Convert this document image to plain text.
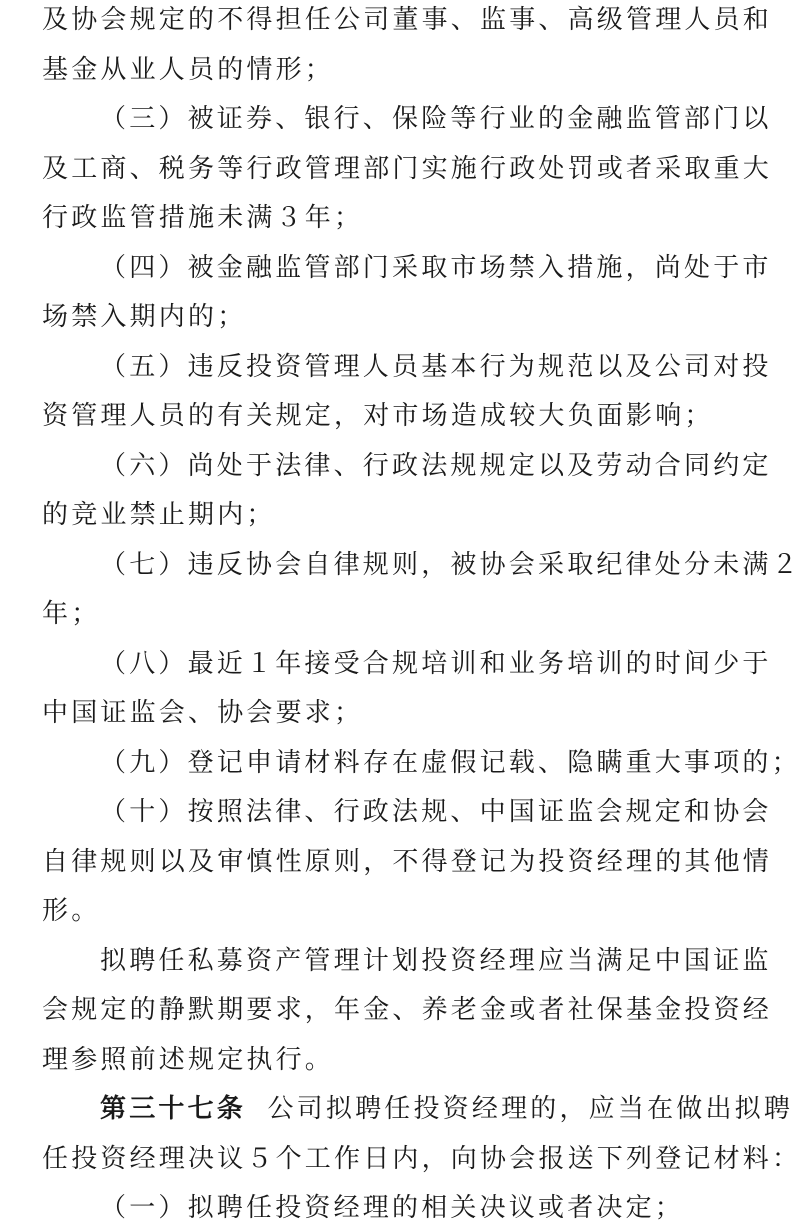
及协会规定的不得担任公司董事、监事、高级管理人员和
基金从业人员的情形；
（三）被证券、银行、保险等行业的金融监管部门以
及工商、税务等行政管理部门实施行政处罚或者采取重大
行政监管措施未满３年；
（四）被金融监管部门采取市场禁入措施，尚处于市
场禁入期内的；
（五）违反投资管理人员基本行为规范以及公司对投
资管理人员的有关规定，对市场造成较大负面影响；
（六）尚处于法律、行政法规规定以及劳动合同约定
的竞业禁止期内；
（七）违反协会自律规则，被协会采取纪律处分未满２
年；
（八）最近１年接受合规培训和业务培训的时间少于
中国证监会、协会要求；
（九）登记申请材料存在虚假记载、隐瞒重大事项的；
（十）按照法律、行政法规、中国证监会规定和协会
自律规则以及审慎性原则，不得登记为投资经理的其他情
形。
拟聘任私募资产管理计划投资经理应当满足中国证监
会规定的静默期要求，年金、养老金或者社保基金投资经
理参照前述规定执行。
第三十七条 公司拟聘任投资经理的，应当在做出拟聘
任投资经理决议５个工作日内，向协会报送下列登记材料：
（一）拟聘任投资经理的相关决议或者决定；
